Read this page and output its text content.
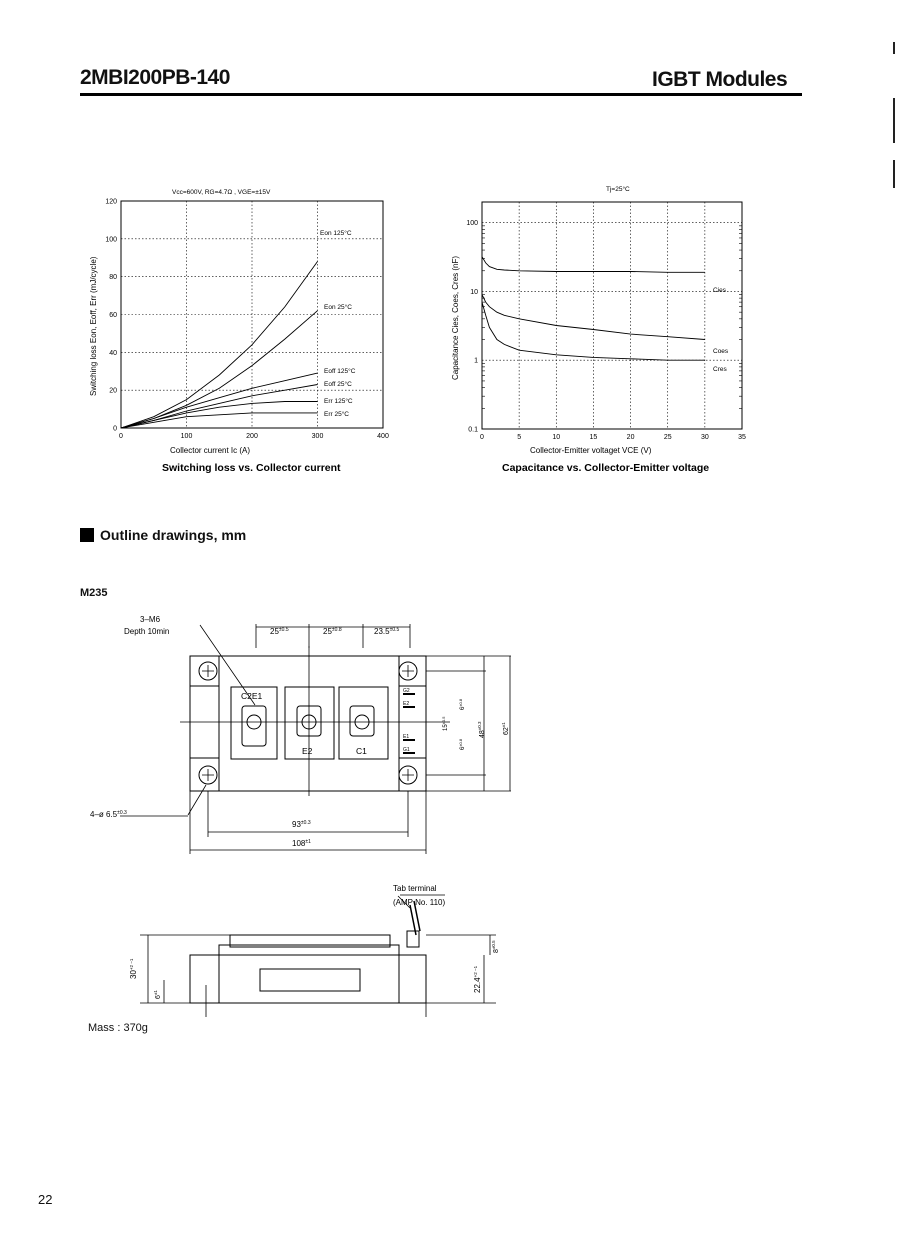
2MBI200PB-140	IGBT Modules
Vcc=600V, RG=4.7Ω , VGE=±15V
0	100	200	300	400
0
20
40
60
80
100
120
Eon 125°C
Eon 25°C
Eoff 125°C
Eoff 25°C
Err 125°C
Err 25°C
Collector current Ic (A)
Switching loss Eon, Eoff, Err (mJ/cycle)
Switching loss vs. Collector current
Tj=25°C
0	5	10	15	20	25	30	35
0.1
1
10
100
Cies
Coes
Cres
Collector-Emitter voltaget VCE (V)
Capacitance Cies, Coes, Cres (nF)
Capacitance vs. Collector-Emitter voltage
Outline drawings, mm
M235
3–M6
Depth 10min	$25^{\pm 0.5}$	$25^{\pm 0.8}$	$23.5^{\pm 0.5}$
C2E1
E2	C1
G2
E2
E1
G1
4–ø $6.5^{\pm 0.3}$
$93^{\pm 0.3}$
$108^{\pm 1}$
$48^{\pm 0.3}$
$62^{\pm 1}$
$6^{\pm 0.8}$
$15^{\pm 0.5}$
$6^{\pm 0.8}$
Tab terminal
(AMP No. 110)
$30^{+2 -1}$
$6^{\pm 1}$
$8^{\pm 0.5}$
$22.4^{+2 -1}$
Mass : 370g
22
